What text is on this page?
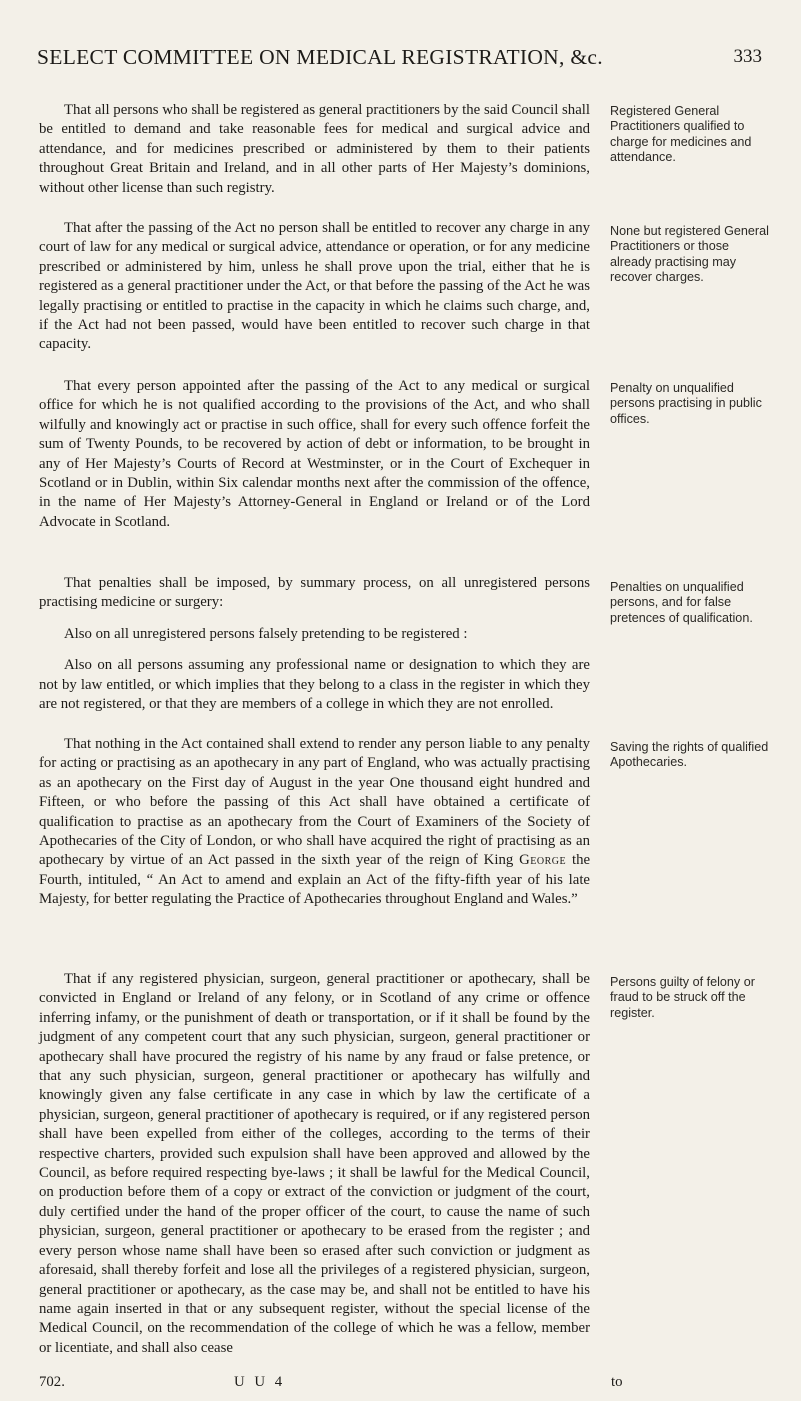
SELECT COMMITTEE ON MEDICAL REGISTRATION, &c.	333

That all persons who shall be registered as general practitioners by the said Council shall be entitled to demand and take reasonable fees for medical and surgical advice and attendance, and for medicines prescribed or administered by them to their patients throughout Great Britain and Ireland, and in all other parts of Her Majesty’s dominions, without other license than such registry.

Registered General Practitioners qualified to charge for medicines and attendance.

That after the passing of the Act no person shall be entitled to recover any charge in any court of law for any medical or surgical advice, attendance or operation, or for any medicine prescribed or administered by him, unless he shall prove upon the trial, either that he is registered as a general practitioner under the Act, or that before the passing of the Act he was legally practising or entitled to practise in the capacity in which he claims such charge, and, if the Act had not been passed, would have been entitled to recover such charge in that capacity.

None but registered General Practitioners or those already practising may recover charges.

That every person appointed after the passing of the Act to any medical or surgical office for which he is not qualified according to the provisions of the Act, and who shall wilfully and knowingly act or practise in such office, shall for every such offence forfeit the sum of Twenty Pounds, to be recovered by action of debt or information, to be brought in any of Her Majesty’s Courts of Record at Westminster, or in the Court of Exchequer in Scotland or in Dublin, within Six calendar months next after the commission of the offence, in the name of Her Majesty’s Attorney-General in England or Ireland or of the Lord Advocate in Scotland.

Penalty on unqualified persons practising in public offices.

That penalties shall be imposed, by summary process, on all unregistered persons practising medicine or surgery:

Also on all unregistered persons falsely pretending to be registered :

Also on all persons assuming any professional name or designation to which they are not by law entitled, or which implies that they belong to a class in the register in which they are not registered, or that they are members of a college in which they are not enrolled.

Penalties on unqualified persons, and for false pretences of qualification.

That nothing in the Act contained shall extend to render any person liable to any penalty for acting or practising as an apothecary in any part of England, who was actually practising as an apothecary on the First day of August in the year One thousand eight hundred and Fifteen, or who before the passing of this Act shall have obtained a certificate of qualification to practise as an apothecary from the Court of Examiners of the Society of Apothecaries of the City of London, or who shall have acquired the right of practising as an apothecary by virtue of an Act passed in the sixth year of the reign of King George the Fourth, intituled, “ An Act to amend and explain an Act of the fifty-fifth year of his late Majesty, for better regulating the Practice of Apothecaries throughout England and Wales.”

Saving the rights of qualified Apothecaries.

That if any registered physician, surgeon, general practitioner or apothecary, shall be convicted in England or Ireland of any felony, or in Scotland of any crime or offence inferring infamy, or the punishment of death or transportation, or if it shall be found by the judgment of any competent court that any such physician, surgeon, general practitioner or apothecary shall have procured the registry of his name by any fraud or false pretence, or that any such physician, surgeon, general practitioner or apothecary has wilfully and knowingly given any false certificate in any case in which by law the certificate of a physician, surgeon, general practitioner of apothecary is required, or if any registered person shall have been expelled from either of the colleges, according to the terms of their respective charters, provided such expulsion shall have been approved and allowed by the Council, as before required respecting bye-laws ; it shall be lawful for the Medical Council, on production before them of a copy or extract of the conviction or judgment of the court, duly certified under the hand of the proper officer of the court, to cause the name of such physician, surgeon, general practitioner or apothecary to be erased from the register ; and every person whose name shall have been so erased after such conviction or judgment as aforesaid, shall thereby forfeit and lose all the privileges of a registered physician, surgeon, general practitioner or apothecary, as the case may be, and shall not be entitled to have his name again inserted in that or any subsequent register, without the special license of the Medical Council, on the recommendation of the college of which he was a fellow, member or licentiate, and shall also cease

Persons guilty of felony or fraud to be struck off the register.
702.	U U 4	to
